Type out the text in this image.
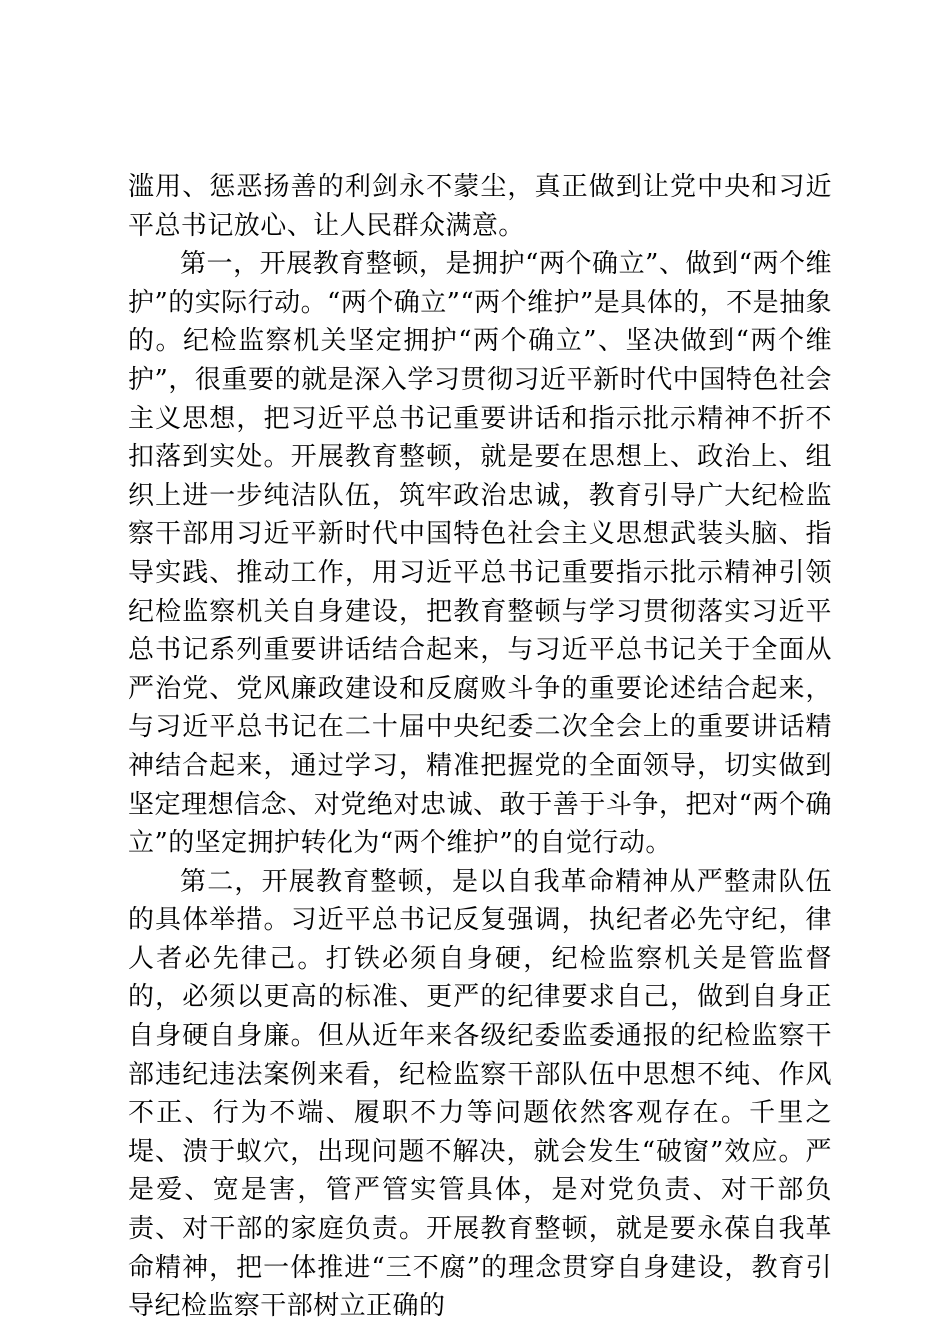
滥用、惩恶扬善的利剑永不蒙尘，真正做到让党中央和习近平总书记放心、让人民群众满意。

第一，开展教育整顿，是拥护“两个确立”、做到“两个维护”的实际行动。“两个确立”“两个维护”是具体的，不是抽象的。纪检监察机关坚定拥护“两个确立”、坚决做到“两个维护”，很重要的就是深入学习贯彻习近平新时代中国特色社会主义思想，把习近平总书记重要讲话和指示批示精神不折不扣落到实处。开展教育整顿，就是要在思想上、政治上、组织上进一步纯洁队伍，筑牢政治忠诚，教育引导广大纪检监察干部用习近平新时代中国特色社会主义思想武装头脑、指导实践、推动工作，用习近平总书记重要指示批示精神引领纪检监察机关自身建设，把教育整顿与学习贯彻落实习近平总书记系列重要讲话结合起来，与习近平总书记关于全面从严治党、党风廉政建设和反腐败斗争的重要论述结合起来，与习近平总书记在二十届中央纪委二次全会上的重要讲话精神结合起来，通过学习，精准把握党的全面领导，切实做到坚定理想信念、对党绝对忠诚、敢于善于斗争，把对“两个确立”的坚定拥护转化为“两个维护”的自觉行动。

第二，开展教育整顿，是以自我革命精神从严整肃队伍的具体举措。习近平总书记反复强调，执纪者必先守纪，律人者必先律己。打铁必须自身硬，纪检监察机关是管监督的，必须以更高的标准、更严的纪律要求自己，做到自身正自身硬自身廉。但从近年来各级纪委监委通报的纪检监察干部违纪违法案例来看，纪检监察干部队伍中思想不纯、作风不正、行为不端、履职不力等问题依然客观存在。千里之堤、溃于蚁穴，出现问题不解决，就会发生“破窗”效应。严是爱、宽是害，管严管实管具体，是对党负责、对干部负责、对干部的家庭负责。开展教育整顿，就是要永葆自我革命精神，把一体推进“三不腐”的理念贯穿自身建设，教育引导纪检监察干部树立正确的
